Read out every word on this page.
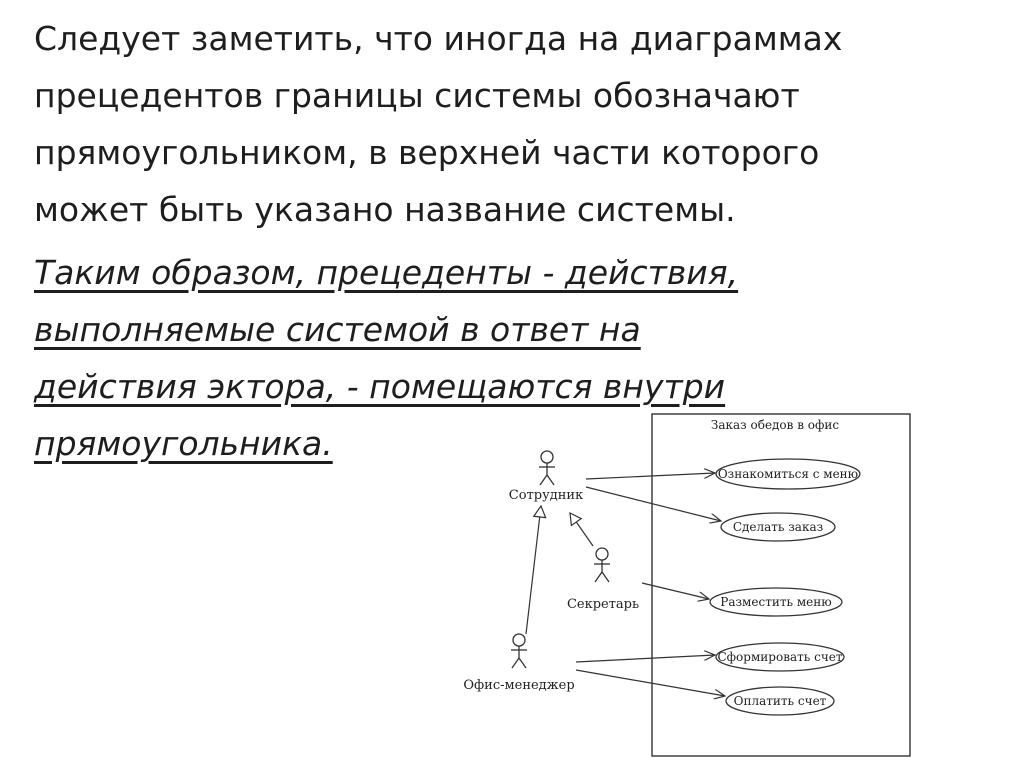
Следует заметить, что иногда на диаграммах
прецедентов границы системы обозначают
прямоугольником, в верхней части которого
может быть указано название системы.

Таким образом, прецеденты - действия,
выполняемые системой в ответ на
действия эктора, - помещаются внутри
прямоугольника.	Заказ обедов в офис
Сотрудник
Секретарь
Офис-менеджер
Ознакомиться с меню
Сделать заказ
Разместить меню
Сформировать счет
Оплатить счет
